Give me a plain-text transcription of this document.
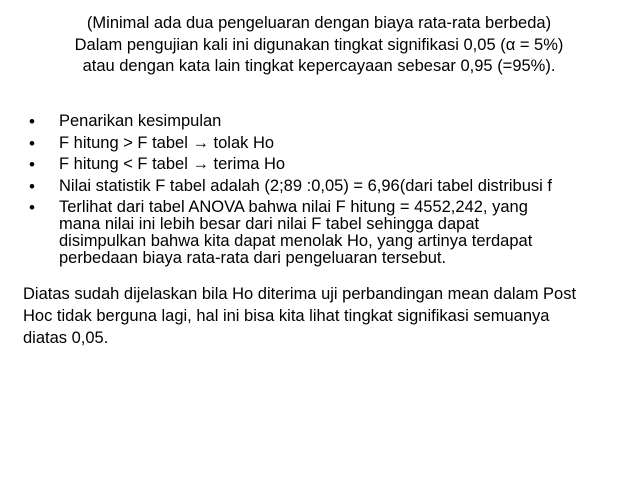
(Minimal ada dua pengeluaran dengan biaya rata-rata berbeda)
Dalam pengujian kali ini digunakan tingkat signifikasi 0,05 (α = 5%)
atau dengan kata lain tingkat kepercayaan sebesar 0,95 (=95%).
• Penarikan kesimpulan
• F hitung > F tabel → tolak Ho
• F hitung < F tabel → terima Ho
• Nilai statistik F tabel adalah (2;89 :0,05) = 6,96(dari tabel distribusi f
• Terlihat dari tabel ANOVA bahwa nilai F hitung = 4552,242, yang
mana nilai ini lebih besar dari nilai F tabel sehingga dapat
disimpulkan bahwa kita dapat menolak Ho, yang artinya terdapat
perbedaan biaya rata-rata dari pengeluaran tersebut.
Diatas sudah dijelaskan bila Ho diterima uji perbandingan mean dalam Post
Hoc tidak berguna lagi, hal ini bisa kita lihat tingkat signifikasi semuanya
diatas 0,05.
